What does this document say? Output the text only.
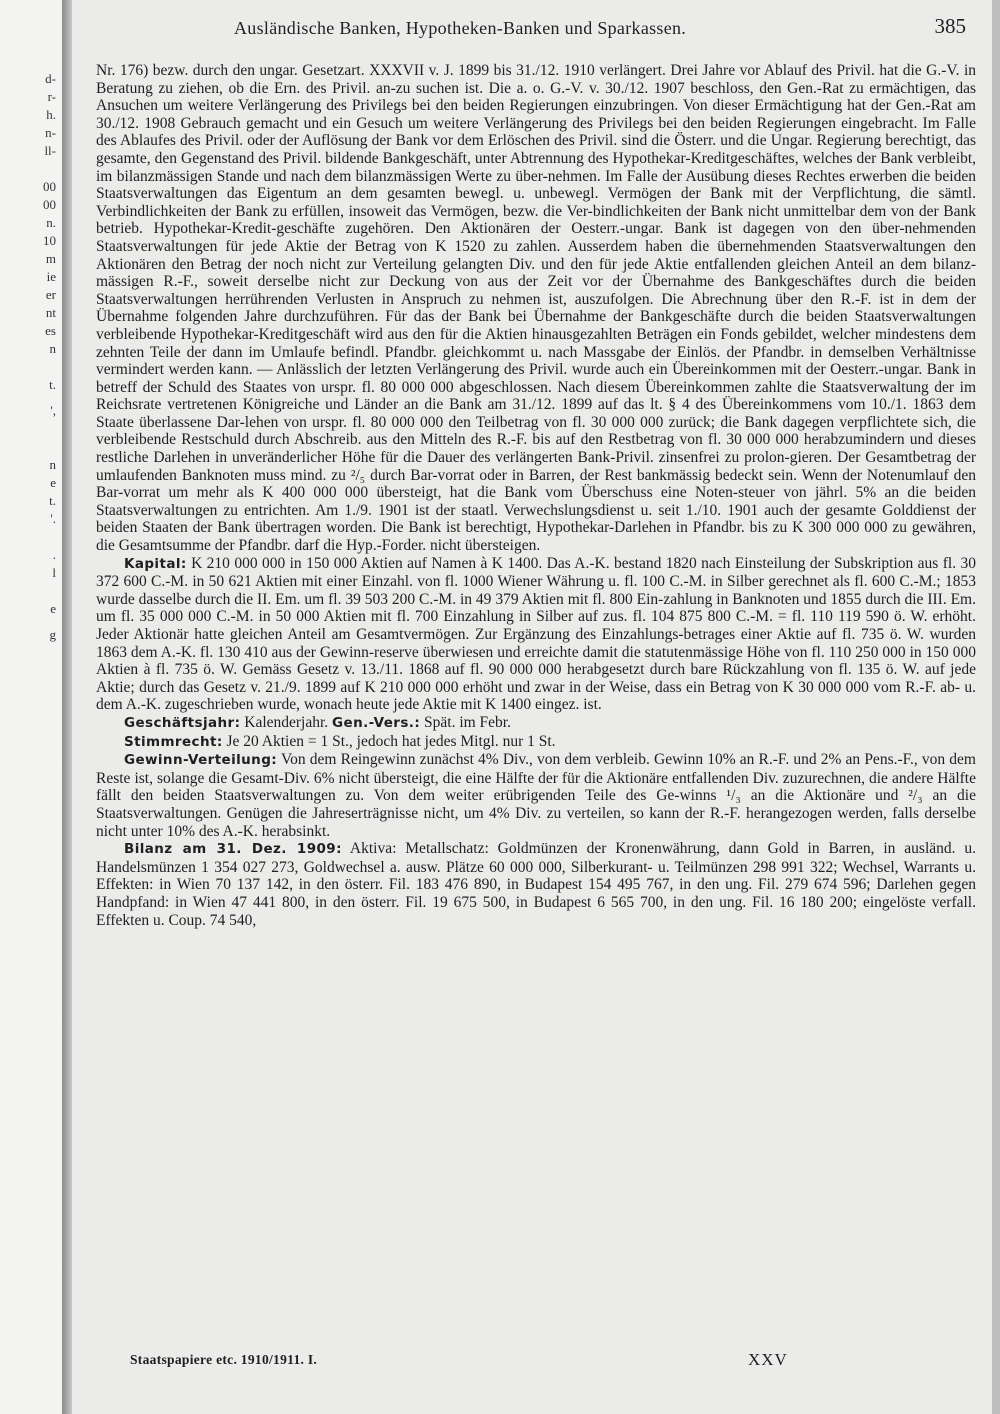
d-
r-
h.
n-
ll-
00
00
n.
10
m
ie
er
nt
es
n
t.
',
n
e
t.
'.
.
l
e
g
Ausländische Banken, Hypotheken-Banken und Sparkassen.	385

Nr. 176) bezw. durch den ungar. Gesetzart. XXXVII v. J. 1899 bis 31./12. 1910 verlängert. Drei Jahre vor Ablauf des Privil. hat die G.-V. in Beratung zu ziehen, ob die Ern. des Privil. an-zu suchen ist. Die a. o. G.-V. v. 30./12. 1907 beschloss, den Gen.-Rat zu ermächtigen, das Ansuchen um weitere Verlängerung des Privilegs bei den beiden Regierungen einzubringen. Von dieser Ermächtigung hat der Gen.-Rat am 30./12. 1908 Gebrauch gemacht und ein Gesuch um weitere Verlängerung des Privilegs bei den beiden Regierungen eingebracht. Im Falle des Ablaufes des Privil. oder der Auflösung der Bank vor dem Erlöschen des Privil. sind die Österr. und die Ungar. Regierung berechtigt, das gesamte, den Gegenstand des Privil. bildende Bankgeschäft, unter Abtrennung des Hypothekar-Kreditgeschäftes, welches der Bank verbleibt, im bilanzmässigen Stande und nach dem bilanzmässigen Werte zu über-nehmen. Im Falle der Ausübung dieses Rechtes erwerben die beiden Staatsverwaltungen das Eigentum an dem gesamten bewegl. u. unbewegl. Vermögen der Bank mit der Verpflichtung, die sämtl. Verbindlichkeiten der Bank zu erfüllen, insoweit das Vermögen, bezw. die Ver-bindlichkeiten der Bank nicht unmittelbar dem von der Bank betrieb. Hypothekar-Kredit-geschäfte zugehören. Den Aktionären der Oesterr.-ungar. Bank ist dagegen von den über-nehmenden Staatsverwaltungen für jede Aktie der Betrag von K 1520 zu zahlen. Ausserdem haben die übernehmenden Staatsverwaltungen den Aktionären den Betrag der noch nicht zur Verteilung gelangten Div. und den für jede Aktie entfallenden gleichen Anteil an dem bilanz-mässigen R.-F., soweit derselbe nicht zur Deckung von aus der Zeit vor der Übernahme des Bankgeschäftes durch die beiden Staatsverwaltungen herrührenden Verlusten in Anspruch zu nehmen ist, auszufolgen. Die Abrechnung über den R.-F. ist in dem der Übernahme folgenden Jahre durchzuführen. Für das der Bank bei Übernahme der Bankgeschäfte durch die beiden Staatsverwaltungen verbleibende Hypothekar-Kreditgeschäft wird aus den für die Aktien hinausgezahlten Beträgen ein Fonds gebildet, welcher mindestens dem zehnten Teile der dann im Umlaufe befindl. Pfandbr. gleichkommt u. nach Massgabe der Einlös. der Pfandbr. in demselben Verhältnisse vermindert werden kann. — Anlässlich der letzten Verlängerung des Privil. wurde auch ein Übereinkommen mit der Oesterr.-ungar. Bank in betreff der Schuld des Staates von urspr. fl. 80 000 000 abgeschlossen. Nach diesem Übereinkommen zahlte die Staatsverwaltung der im Reichsrate vertretenen Königreiche und Länder an die Bank am 31./12. 1899 auf das lt. § 4 des Übereinkommens vom 10./1. 1863 dem Staate überlassene Dar-lehen von urspr. fl. 80 000 000 den Teilbetrag von fl. 30 000 000 zurück; die Bank dagegen verpflichtete sich, die verbleibende Restschuld durch Abschreib. aus den Mitteln des R.-F. bis auf den Restbetrag von fl. 30 000 000 herabzumindern und dieses restliche Darlehen in unveränderlicher Höhe für die Dauer des verlängerten Bank-Privil. zinsenfrei zu prolon-gieren. Der Gesamtbetrag der umlaufenden Banknoten muss mind. zu ²/₅ durch Bar-vorrat oder in Barren, der Rest bankmässig bedeckt sein. Wenn der Notenumlauf den Bar-vorrat um mehr als K 400 000 000 übersteigt, hat die Bank vom Überschuss eine Noten-steuer von jährl. 5% an die beiden Staatsverwaltungen zu entrichten. Am 1./9. 1901 ist der staatl. Verwechslungsdienst u. seit 1./10. 1901 auch der gesamte Golddienst der beiden Staaten der Bank übertragen worden. Die Bank ist berechtigt, Hypothekar-Darlehen in Pfandbr. bis zu K 300 000 000 zu gewähren, die Gesamtsumme der Pfandbr. darf die Hyp.-Forder. nicht übersteigen.

Kapital: K 210 000 000 in 150 000 Aktien auf Namen à K 1400. Das A.-K. bestand 1820 nach Einsteilung der Subskription aus fl. 30 372 600 C.-M. in 50 621 Aktien mit einer Einzahl. von fl. 1000 Wiener Währung u. fl. 100 C.-M. in Silber gerechnet als fl. 600 C.-M.; 1853 wurde dasselbe durch die II. Em. um fl. 39 503 200 C.-M. in 49 379 Aktien mit fl. 800 Ein-zahlung in Banknoten und 1855 durch die III. Em. um fl. 35 000 000 C.-M. in 50 000 Aktien mit fl. 700 Einzahlung in Silber auf zus. fl. 104 875 800 C.-M. = fl. 110 119 590 ö. W. erhöht. Jeder Aktionär hatte gleichen Anteil am Gesamtvermögen. Zur Ergänzung des Einzahlungs-betrages einer Aktie auf fl. 735 ö. W. wurden 1863 dem A.-K. fl. 130 410 aus der Gewinn-reserve überwiesen und erreichte damit die statutenmässige Höhe von fl. 110 250 000 in 150 000 Aktien à fl. 735 ö. W. Gemäss Gesetz v. 13./11. 1868 auf fl. 90 000 000 herabgesetzt durch bare Rückzahlung von fl. 135 ö. W. auf jede Aktie; durch das Gesetz v. 21./9. 1899 auf K 210 000 000 erhöht und zwar in der Weise, dass ein Betrag von K 30 000 000 vom R.-F. ab- u. dem A.-K. zugeschrieben wurde, wonach heute jede Aktie mit K 1400 eingez. ist.

Geschäftsjahr: Kalenderjahr. Gen.-Vers.: Spät. im Febr.

Stimmrecht: Je 20 Aktien = 1 St., jedoch hat jedes Mitgl. nur 1 St.

Gewinn-Verteilung: Von dem Reingewinn zunächst 4% Div., von dem verbleib. Gewinn 10% an R.-F. und 2% an Pens.-F., von dem Reste ist, solange die Gesamt-Div. 6% nicht übersteigt, die eine Hälfte der für die Aktionäre entfallenden Div. zuzurechnen, die andere Hälfte fällt den beiden Staatsverwaltungen zu. Von dem weiter erübrigenden Teile des Ge-winns ¹/₃ an die Aktionäre und ²/₃ an die Staatsverwaltungen. Genügen die Jahreserträgnisse nicht, um 4% Div. zu verteilen, so kann der R.-F. herangezogen werden, falls derselbe nicht unter 10% des A.-K. herabsinkt.

Bilanz am 31. Dez. 1909: Aktiva: Metallschatz: Goldmünzen der Kronenwährung, dann Gold in Barren, in ausländ. u. Handelsmünzen 1 354 027 273, Goldwechsel a. ausw. Plätze 60 000 000, Silberkurant- u. Teilmünzen 298 991 322; Wechsel, Warrants u. Effekten: in Wien 70 137 142, in den österr. Fil. 183 476 890, in Budapest 154 495 767, in den ung. Fil. 279 674 596; Darlehen gegen Handpfand: in Wien 47 441 800, in den österr. Fil. 19 675 500, in Budapest 6 565 700, in den ung. Fil. 16 180 200; eingelöste verfall. Effekten u. Coup. 74 540,

Staatspapiere etc. 1910/1911. I.	XXV
